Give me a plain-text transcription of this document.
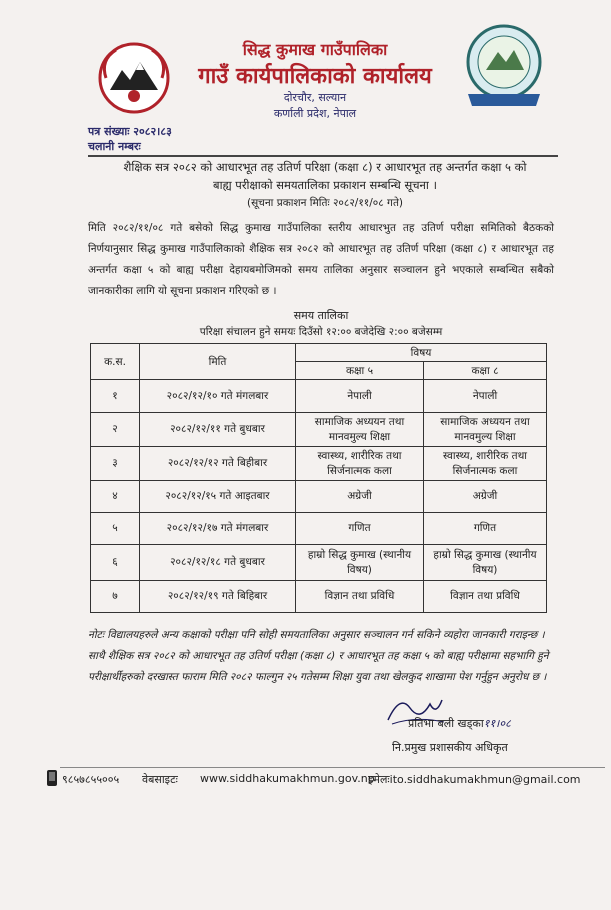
सिद्ध कुमाख गाउँपालिका
गाउँ कार्यपालिकाको कार्यालय
दोरचौर, सल्यान
कर्णाली प्रदेश, नेपाल
पत्र संख्याः २०८२।८३
चलानी नम्बरः
शैक्षिक सत्र २०८२ को आधारभूत तह उतिर्ण परिक्षा (कक्षा ८) र आधारभूत तह अन्तर्गत कक्षा ५ को
बाह्य परीक्षाको समयतालिका प्रकाशन सम्बन्धि सूचना ।
(सूचना प्रकाशन मितिः २०८२/११/०८ गते)
मिति २०८२/११/०८ गते बसेको सिद्ध कुमाख गाउँपालिका स्तरीय आधारभुत तह उतिर्ण परीक्षा समितिको बैठकको निर्णयानुसार सिद्ध कुमाख गाउँपालिकाको शैक्षिक सत्र २०८२ को आधारभूत तह उतिर्ण परिक्षा (कक्षा ८) र आधारभूत तह अन्तर्गत कक्षा ५ को बाह्य परीक्षा देहायबमोजिमको समय तालिका अनुसार सञ्चालन हुने भएकाले सम्बन्धित सबैको जानकारीका लागि यो सूचना प्रकाशन गरिएको छ ।
समय तालिका
परिक्षा संचालन हुने समयः दिउँसो १२:०० बजेदेखि २:०० बजेसम्म
क.स.	मिति	विषय	
		कक्षा ५	कक्षा ८
१	२०८२/१२/१० गते मंगलबार	नेपाली	नेपाली
२	२०८२/१२/११ गते बुधबार	सामाजिक अध्ययन तथा मानवमुल्य शिक्षा	सामाजिक अध्ययन तथा मानवमुल्य शिक्षा
३	२०८२/१२/१२ गते बिहीबार	स्वास्थ्य, शारीरिक तथा सिर्जनात्मक कला	स्वास्थ्य, शारीरिक तथा सिर्जनात्मक कला
४	२०८२/१२/१५ गते आइतबार	अग्रेजी	अग्रेजी
५	२०८२/१२/१७ गते मंगलबार	गणित	गणित
६	२०८२/१२/१८ गते बुधबार	हाम्रो सिद्ध कुमाख (स्थानीय विषय)	हाम्रो सिद्ध कुमाख (स्थानीय विषय)
७	२०८२/१२/१९ गते बिहिबार	विज्ञान तथा प्रविधि	विज्ञान तथा प्रविधि
नोटः विद्यालयहरुले अन्य कक्षाको परीक्षा पनि सोही समयतालिका अनुसार सञ्चालन गर्न सकिने व्यहोरा जानकारी गराइन्छ । साथै शैक्षिक सत्र २०८२ को आधारभूत तह उतिर्ण परीक्षा (कक्षा ८) र आधारभूत तह कक्षा ५ को बाह्य परीक्षामा सहभागि हुने परीक्षार्थीहरुको दरखास्त फाराम मिति २०८२ फाल्गुन २५ गतेसम्म शिक्षा युवा तथा खेलकुद शाखामा पेश गर्नुहुन अनुरोध छ ।
प्रतिभा बली खड्का११।०८
नि.प्रमुख प्रशासकीय अधिकृत
९८५७८५५००५ वेबसाइटः www.siddhakumakhmun.gov.np
इमेलःito.siddhakumakhmun@gmail.com
